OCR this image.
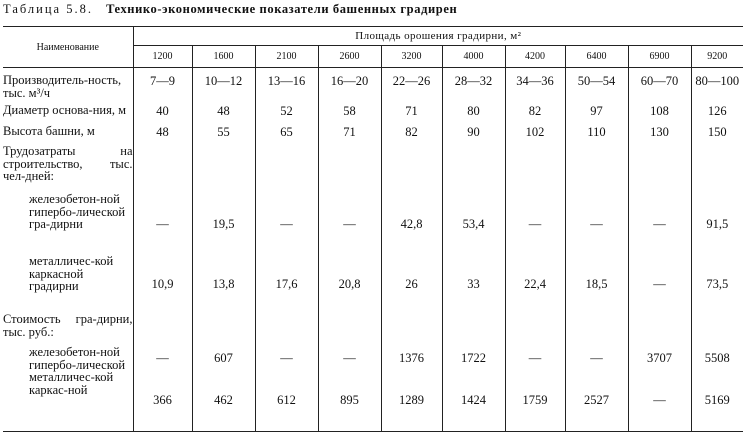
Таблица 5.8. Технико-экономические показатели башенных градирен
Наименование	Площадь орошения градирни, м²									
	1200	1600	2100	2600	3200	4000	4200	6400	6900	9200

Производитель-ность, тыс. м³/ч	7—9	10—12	13—16	16—20	22—26	28—32	34—36	50—54	60—70	80—100
Диаметр основа-ния, м	40	48	52	58	71	80	82	97	108	126
Высота башни, м	48	55	65	71	82	90	102	110	130	150
Трудозатраты на строительство, тыс. чел-дней:										
железобетон-ной гипербо-лической гра-дирни	—	19,5	—	—	42,8	53,4	—	—	—	91,5
металличес-кой каркасной градирни	10,9	13,8	17,6	20,8	26	33	22,4	18,5	—	73,5
Стоимость гра-дирни, тыс. руб.:										
железобетон-ной гипербо-лической	—	607	—	—	1376	1722	—	—	3707	5508
металличес-кой каркас-ной	366	462	612	895	1289	1424	1759	2527	—	5169
